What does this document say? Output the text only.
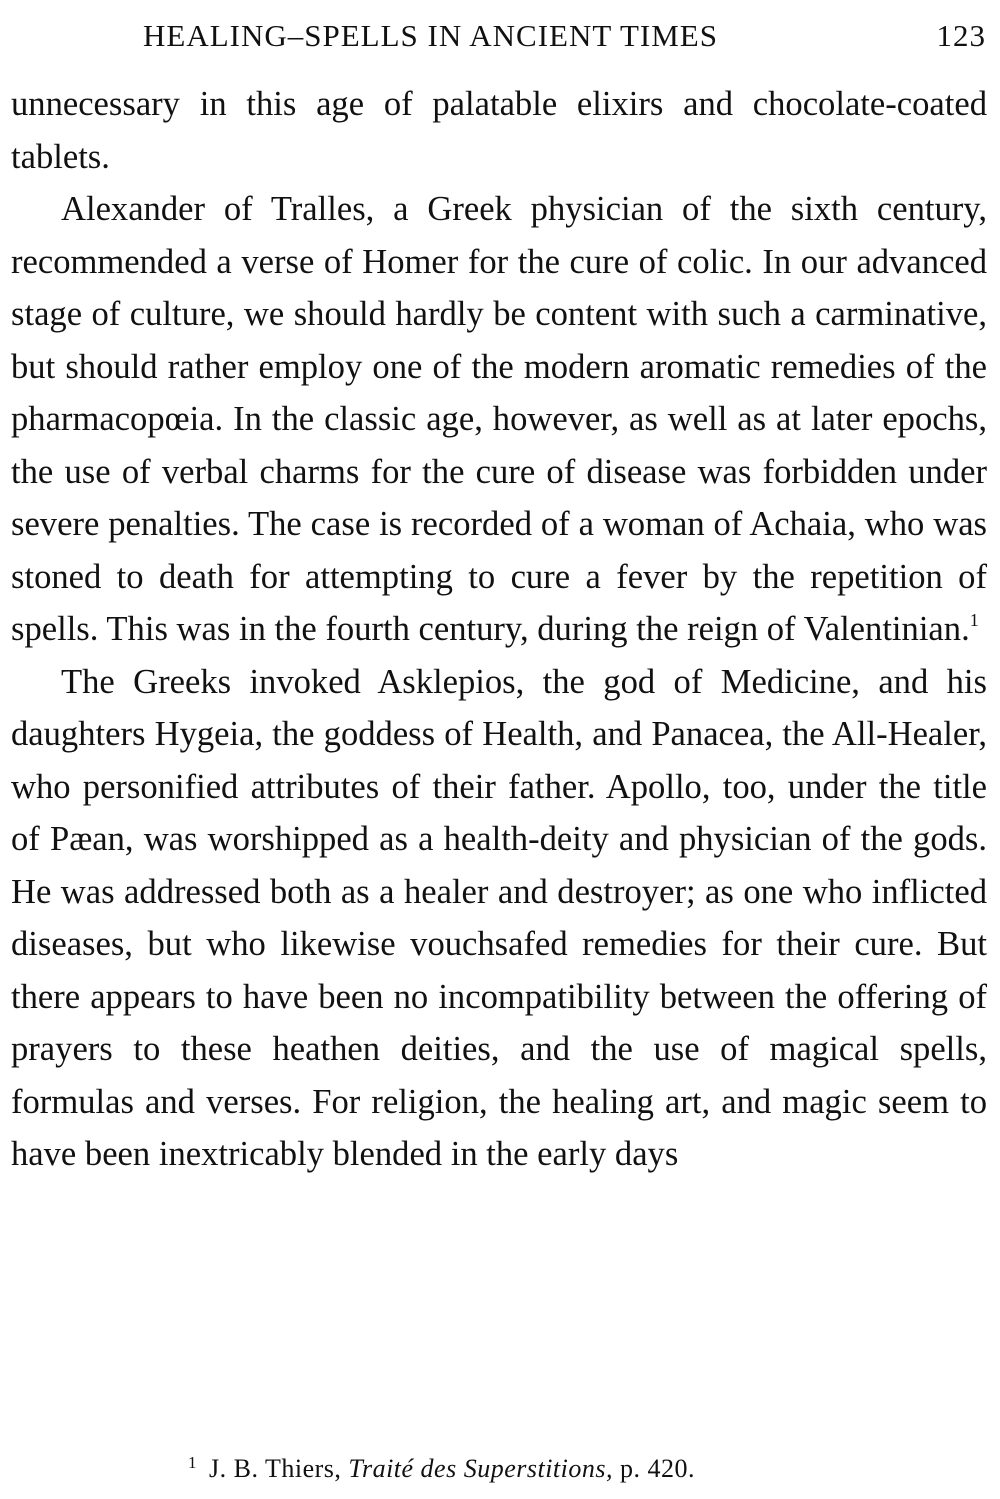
HEALING–SPELLS IN ANCIENT TIMES	123

unnecessary in this age of palatable elixirs and chocolate-coated tablets.

Alexander of Tralles, a Greek physician of the sixth century, recommended a verse of Homer for the cure of colic. In our advanced stage of culture, we should hardly be content with such a carminative, but should rather employ one of the modern aromatic remedies of the pharmacopœia. In the classic age, however, as well as at later epochs, the use of verbal charms for the cure of disease was forbidden under severe penalties. The case is recorded of a woman of Achaia, who was stoned to death for attempting to cure a fever by the repetition of spells. This was in the fourth century, during the reign of Valentinian.$^1$

The Greeks invoked Asklepios, the god of Medicine, and his daughters Hygeia, the goddess of Health, and Panacea, the All-Healer, who personified attributes of their father. Apollo, too, under the title of Pæan, was worshipped as a health-deity and physician of the gods. He was addressed both as a healer and destroyer; as one who inflicted diseases, but who likewise vouchsafed remedies for their cure. But there appears to have been no incompatibility between the offering of prayers to these heathen deities, and the use of magical spells, formulas and verses. For religion, the healing art, and magic seem to have been inextricably blended in the early days

$^1$ J. B. Thiers, Traité des Superstitions, p. 420.
